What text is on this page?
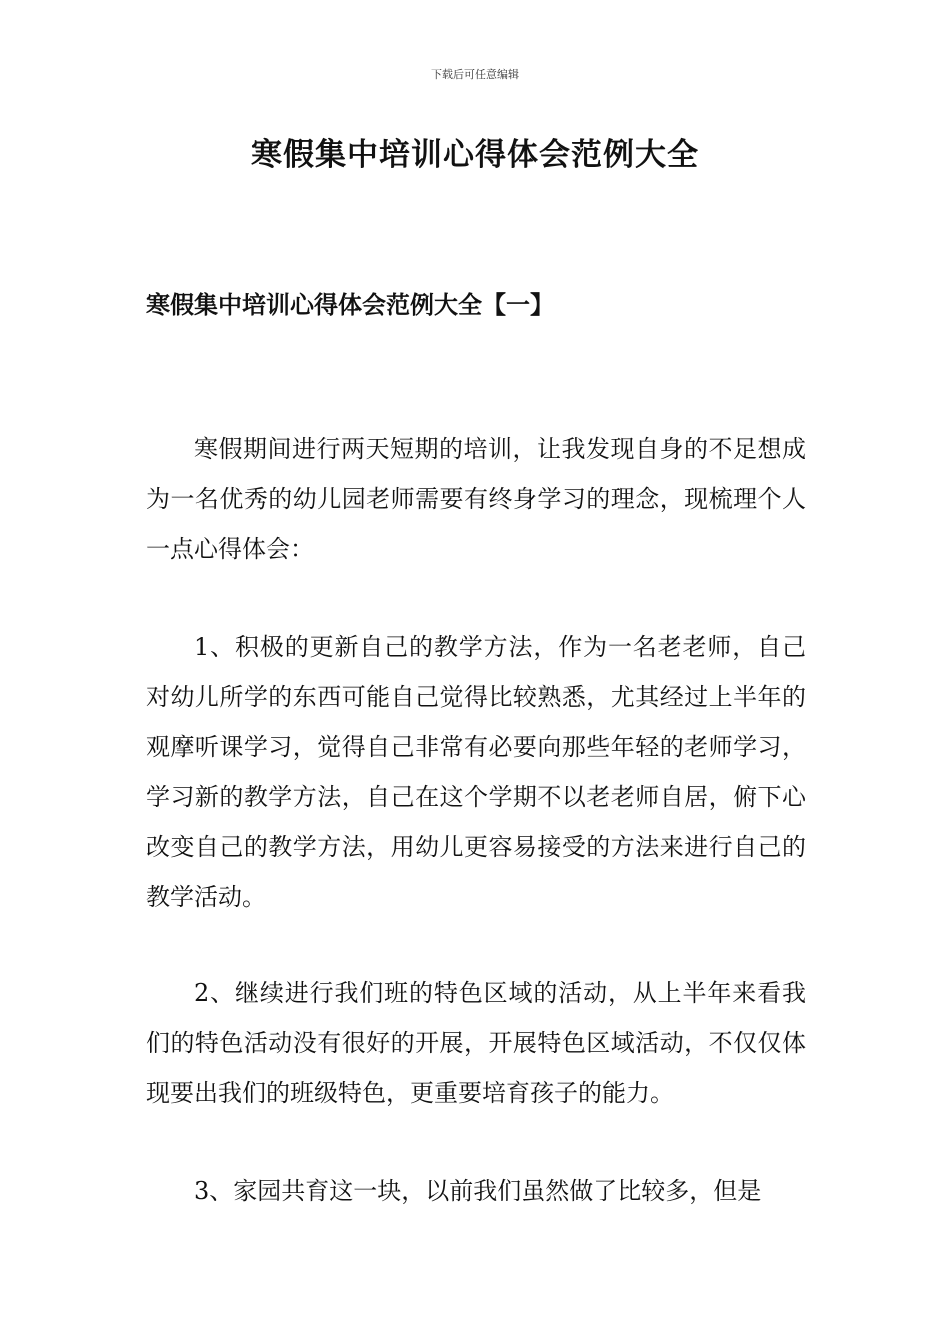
下载后可任意编辑
寒假集中培训心得体会范例大全
寒假集中培训心得体会范例大全【一】

寒假期间进行两天短期的培训，让我发现自身的不足想成为一名优秀的幼儿园老师需要有终身学习的理念，现梳理个人一点心得体会：

1、积极的更新自己的教学方法，作为一名老老师，自己对幼儿所学的东西可能自己觉得比较熟悉，尤其经过上半年的观摩听课学习，觉得自己非常有必要向那些年轻的老师学习，学习新的教学方法，自己在这个学期不以老老师自居，俯下心改变自己的教学方法，用幼儿更容易接受的方法来进行自己的教学活动。

2、继续进行我们班的特色区域的活动，从上半年来看我们的特色活动没有很好的开展，开展特色区域活动，不仅仅体现要出我们的班级特色，更重要培育孩子的能力。

3、家园共育这一块，以前我们虽然做了比较多，但是
